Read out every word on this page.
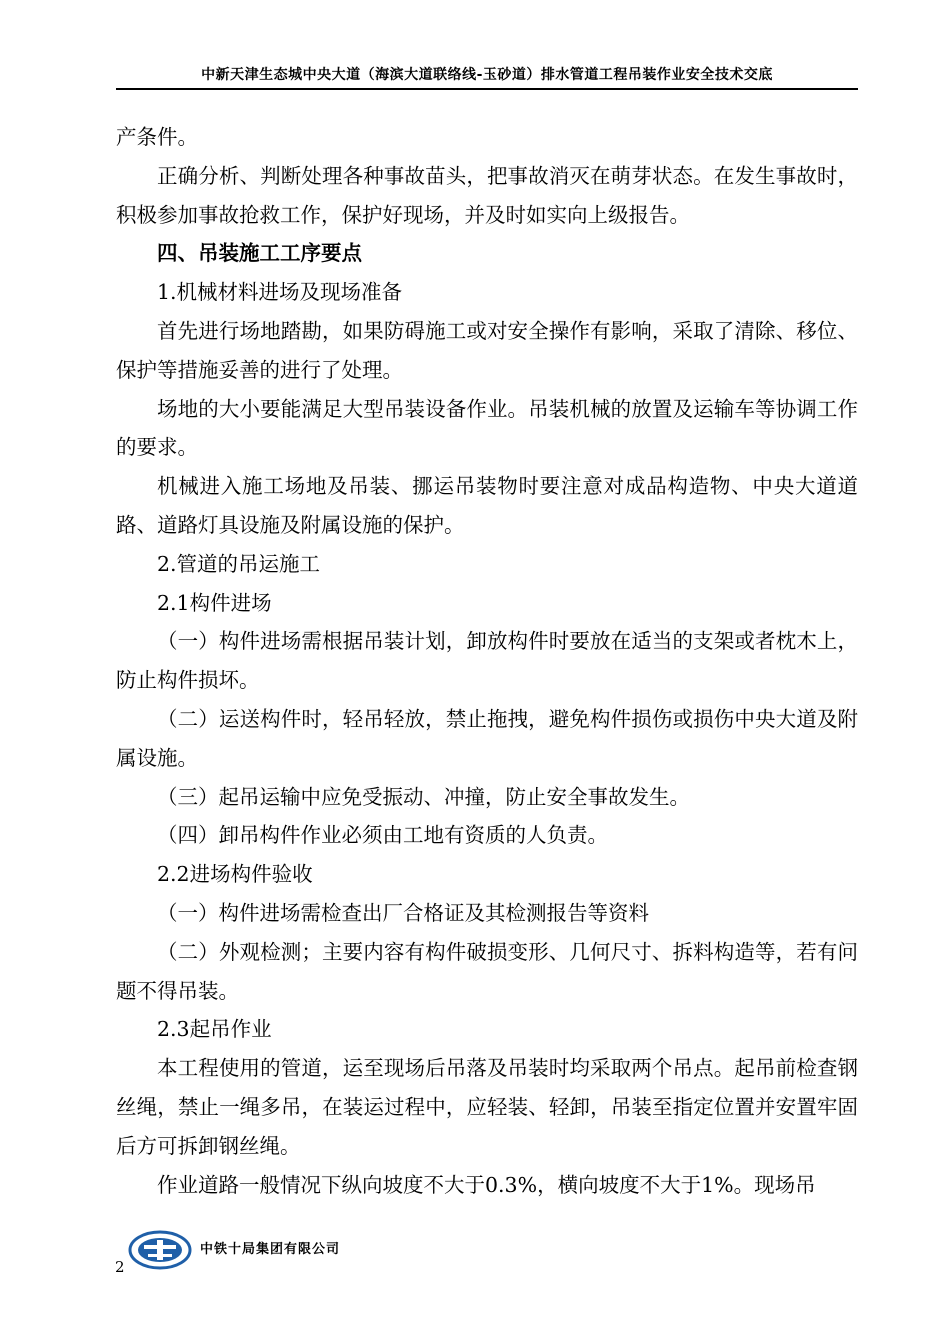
中新天津生态城中央大道（海滨大道联络线-玉砂道）排水管道工程吊装作业安全技术交底

产条件。

正确分析、判断处理各种事故苗头，把事故消灭在萌芽状态。在发生事故时，积极参加事故抢救工作，保护好现场，并及时如实向上级报告。

四、吊装施工工序要点

1.机械材料进场及现场准备

首先进行场地踏勘，如果防碍施工或对安全操作有影响，采取了清除、移位、保护等措施妥善的进行了处理。

场地的大小要能满足大型吊装设备作业。吊装机械的放置及运输车等协调工作的要求。

机械进入施工场地及吊装、挪运吊装物时要注意对成品构造物、中央大道道路、道路灯具设施及附属设施的保护。

2.管道的吊运施工

2.1构件进场

（一）构件进场需根据吊装计划，卸放构件时要放在适当的支架或者枕木上，防止构件损坏。

（二）运送构件时，轻吊轻放，禁止拖拽，避免构件损伤或损伤中央大道及附属设施。

（三）起吊运输中应免受振动、冲撞，防止安全事故发生。

（四）卸吊构件作业必须由工地有资质的人负责。

2.2进场构件验收

（一）构件进场需检查出厂合格证及其检测报告等资料

（二）外观检测；主要内容有构件破损变形、几何尺寸、拆料构造等，若有问题不得吊装。

2.3起吊作业

本工程使用的管道，运至现场后吊落及吊装时均采取两个吊点。起吊前检查钢丝绳，禁止一绳多吊，在装运过程中，应轻装、轻卸，吊装至指定位置并安置牢固后方可拆卸钢丝绳。

作业道路一般情况下纵向坡度不大于0.3%，横向坡度不大于1%。现场吊

中铁十局集团有限公司
2
